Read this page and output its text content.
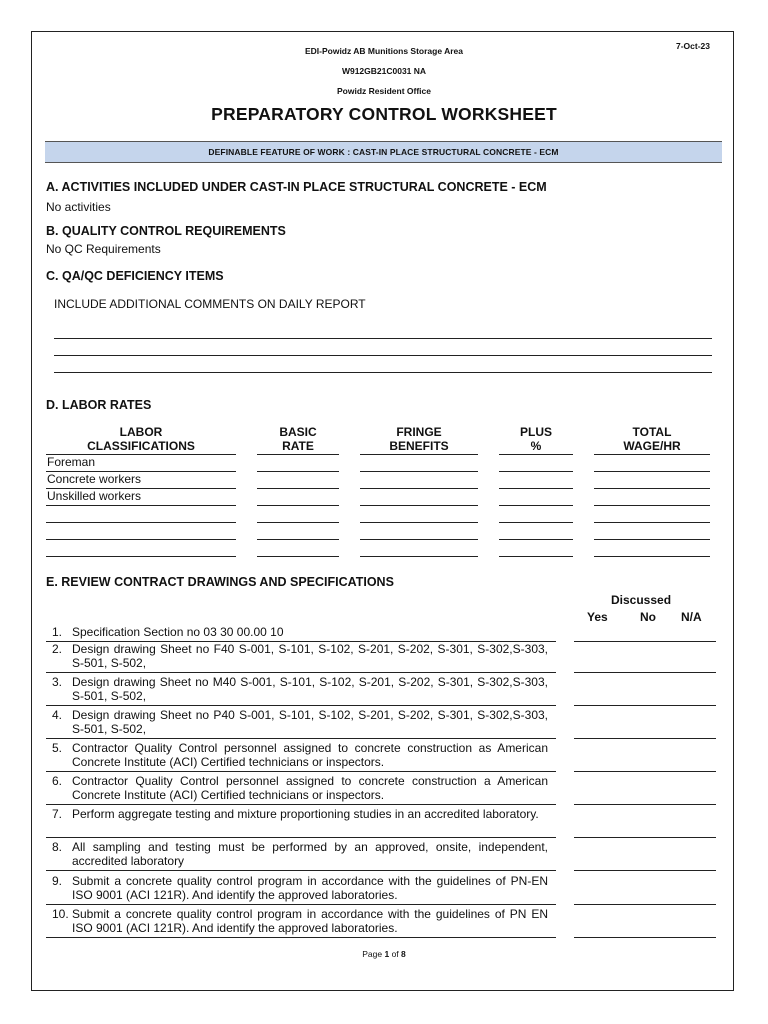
EDI-Powidz AB Munitions Storage Area
W912GB21C0031 NA
Powidz Resident Office
7-Oct-23
PREPARATORY CONTROL WORKSHEET
DEFINABLE FEATURE OF WORK : CAST-IN PLACE STRUCTURAL CONCRETE - ECM
A. ACTIVITIES INCLUDED UNDER CAST-IN PLACE STRUCTURAL CONCRETE - ECM
No activities
B. QUALITY CONTROL REQUIREMENTS
No QC Requirements
C. QA/QC DEFICIENCY ITEMS
INCLUDE ADDITIONAL COMMENTS ON DAILY REPORT
D. LABOR RATES
LABOR
CLASSIFICATIONS
BASIC
RATE
FRINGE
BENEFITS
PLUS
%
TOTAL
WAGE/HR
Foreman
Concrete workers
Unskilled workers
E. REVIEW CONTRACT DRAWINGS AND SPECIFICATIONS
Discussed
Yes	No N/A
1. Specification Section no 03 30 00.00 10
2. Design drawing Sheet no F40 S-001, S-101, S-102, S-201, S-202, S-301, S-302,S-303, S-501, S-502,
3. Design drawing Sheet no M40 S-001, S-101, S-102, S-201, S-202, S-301, S-302,S-303, S-501, S-502,
4. Design drawing Sheet no P40 S-001, S-101, S-102, S-201, S-202, S-301, S-302,S-303, S-501, S-502,
5. Contractor Quality Control personnel assigned to concrete construction as American Concrete Institute (ACI) Certified technicians or inspectors.
6. Contractor Quality Control personnel assigned to concrete construction a American Concrete Institute (ACI) Certified technicians or inspectors.
7. Perform aggregate testing and mixture proportioning studies in an accredited laboratory.
8. All sampling and testing must be performed by an approved, onsite, independent, accredited laboratory
9. Submit a concrete quality control program in accordance with the guidelines of PN-EN ISO 9001 (ACI 121R). And identify the approved laboratories.
10. Submit a concrete quality control program in accordance with the guidelines of PN EN ISO 9001 (ACI 121R). And identify the approved laboratories.
Page 1 of 8
